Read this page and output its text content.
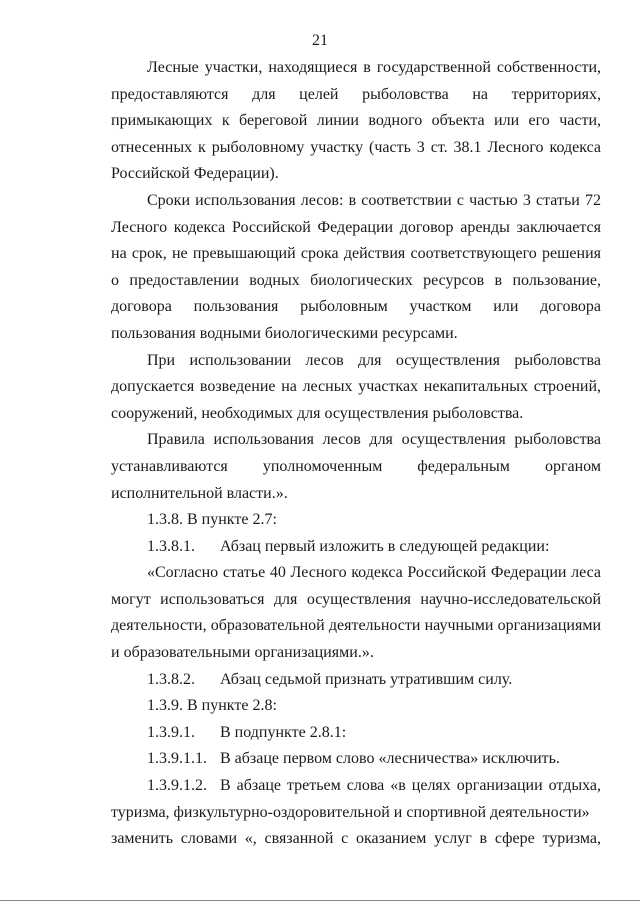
21

Лесные участки, находящиеся в государственной собственности, предоставляются для целей рыболовства на территориях, примыкающих к береговой линии водного объекта или его части, отнесенных к рыболовному участку (часть 3 ст. 38.1 Лесного кодекса Российской Федерации).

Сроки использования лесов: в соответствии с частью 3 статьи 72 Лесного кодекса Российской Федерации договор аренды заключается на срок, не превышающий срока действия соответствующего решения о предоставлении водных биологических ресурсов в пользование, договора пользования рыболовным участком или договора пользования водными биологическими ресурсами.

При использовании лесов для осуществления рыболовства допускается возведение на лесных участках некапитальных строений, сооружений, необходимых для осуществления рыболовства.

Правила использования лесов для осуществления рыболовства устанавливаются уполномоченным федеральным органом исполнительной власти.».

1.3.8. В пункте 2.7:

1.3.8.1.	Абзац первый изложить в следующей редакции:

«Согласно статье 40 Лесного кодекса Российской Федерации леса могут использоваться для осуществления научно-исследовательской деятельности, образовательной деятельности научными организациями и образовательными организациями.».

1.3.8.2.	Абзац седьмой признать утратившим силу.

1.3.9. В пункте 2.8:

1.3.9.1.	В подпункте 2.8.1:
1.3.9.1.1. В абзаце первом слово «лесничества» исключить.

1.3.9.1.2. В абзаце третьем слова «в целях организации отдыха, туризма, физкультурно-оздоровительной и спортивной деятельности»

заменить словами «, связанной с оказанием услуг в сфере туризма,
